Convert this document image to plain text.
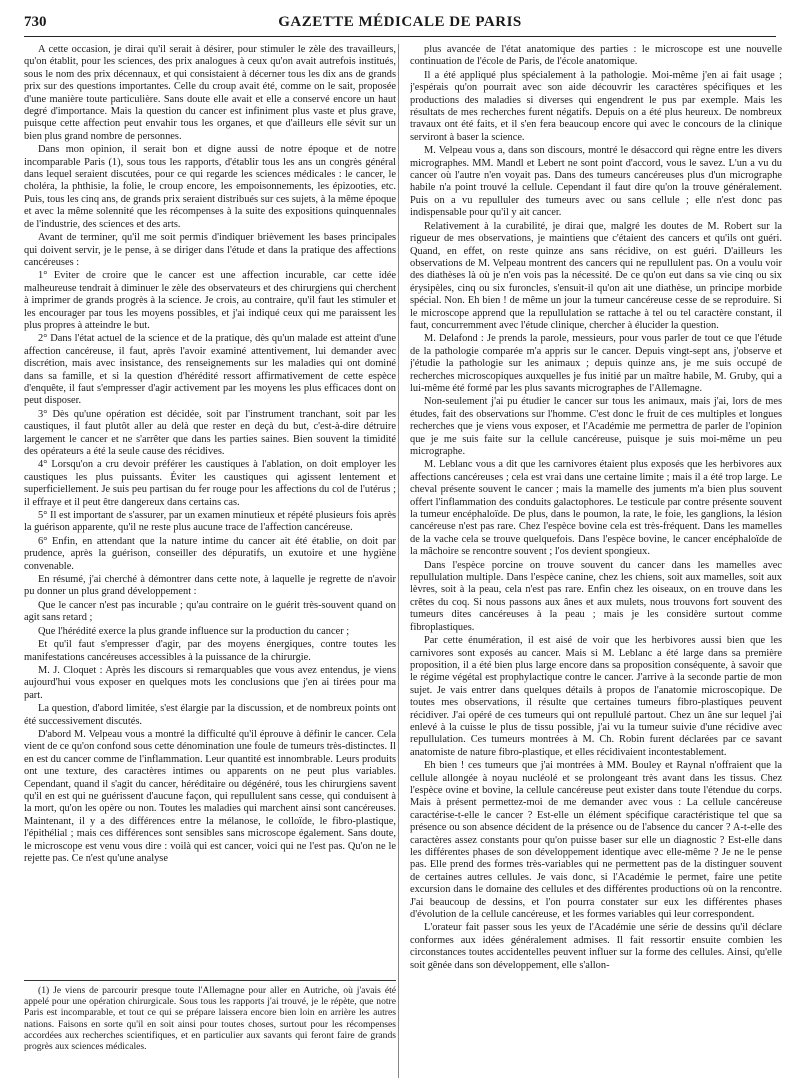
730	GAZETTE MÉDICALE DE PARIS

A cette occasion, je dirai qu'il serait à désirer, pour stimuler le zèle des travailleurs, qu'on établit, pour les sciences, des prix analogues à ceux qu'on avait autrefois institués, sous le nom des prix décennaux, et qui consistaient à décerner tous les dix ans de grands prix sur des questions importantes. Celle du croup avait été, comme on le sait, proposée d'une manière toute particulière. Sans doute elle avait et elle a conservé encore un haut degré d'importance. Mais la question du cancer est infiniment plus vaste et plus grave, puisque cette affection peut envahir tous les organes, et que d'ailleurs elle sévit sur un bien plus grand nombre de personnes.

Dans mon opinion, il serait bon et digne aussi de notre époque et de notre incomparable Paris (1), sous tous les rapports, d'établir tous les ans un congrès général dans lequel seraient discutées, pour ce qui regarde les sciences médicales : le cancer, le choléra, la phthisie, la folie, le croup encore, les empoisonnements, les épizooties, etc. Puis, tous les cinq ans, de grands prix seraient distribués sur ces sujets, à la même époque et avec la même solennité que les récompenses à la suite des expositions quinquennales de l'industrie, des sciences et des arts.

Avant de terminer, qu'il me soit permis d'indiquer brièvement les bases principales qui doivent servir, je le pense, à se diriger dans l'étude et dans la pratique des affections cancéreuses :

1° Eviter de croire que le cancer est une affection incurable, car cette idée malheureuse tendrait à diminuer le zèle des observateurs et des chirurgiens qui cherchent à imprimer de grands progrès à la science. Je crois, au contraire, qu'il faut les stimuler et les encourager par tous les moyens possibles, et j'ai indiqué ceux qui me paraissent les plus propres à atteindre le but.

2° Dans l'état actuel de la science et de la pratique, dès qu'un malade est atteint d'une affection cancéreuse, il faut, après l'avoir examiné attentivement, lui demander avec discrétion, mais avec insistance, des renseignements sur les maladies qui ont dominé dans sa famille, et si la question d'hérédité ressort affirmativement de cette espèce d'enquête, il faut s'empresser d'agir activement par les moyens les plus efficaces dont on peut disposer.

3° Dès qu'une opération est décidée, soit par l'instrument tranchant, soit par les caustiques, il faut plutôt aller au delà que rester en deçà du but, c'est-à-dire détruire largement le cancer et ne s'arrêter que dans les parties saines. Bien souvent la timidité des opérateurs a été la seule cause des récidives.

4° Lorsqu'on a cru devoir préférer les caustiques à l'ablation, on doit employer les caustiques les plus puissants. Éviter les caustiques qui agissent lentement et superficiellement. Je suis peu partisan du fer rouge pour les affections du col de l'utérus ; il effraye et il peut être dangereux dans certains cas.

5° Il est important de s'assurer, par un examen minutieux et répété plusieurs fois après la guérison apparente, qu'il ne reste plus aucune trace de l'affection cancéreuse.

6° Enfin, en attendant que la nature intime du cancer ait été établie, on doit par prudence, après la guérison, conseiller des dépuratifs, un exutoire et une hygiène convenable.

En résumé, j'ai cherché à démontrer dans cette note, à laquelle je regrette de n'avoir pu donner un plus grand développement :

Que le cancer n'est pas incurable ; qu'au contraire on le guérit très-souvent quand on agit sans retard ;

Que l'hérédité exerce la plus grande influence sur la production du cancer ;

Et qu'il faut s'empresser d'agir, par des moyens énergiques, contre toutes les manifestations cancéreuses accessibles à la puissance de la chirurgie.

M. J. Cloquet : Après les discours si remarquables que vous avez entendus, je viens aujourd'hui vous exposer en quelques mots les conclusions que j'en ai tirées pour ma part.

La question, d'abord limitée, s'est élargie par la discussion, et de nombreux points ont été successivement discutés.

D'abord M. Velpeau vous a montré la difficulté qu'il éprouve à définir le cancer. Cela vient de ce qu'on confond sous cette dénomination une foule de tumeurs très-distinctes. Il en est du cancer comme de l'inflammation. Leur quantité est innombrable. Leurs produits ont une texture, des caractères intimes ou apparents on ne peut plus variables. Cependant, quand il s'agit du cancer, héréditaire ou dégénéré, tous les chirurgiens savent qu'il en est qui ne guérissent d'aucune façon, qui repullulent sans cesse, qui conduisent à la mort, qu'on les opère ou non. Toutes les maladies qui marchent ainsi sont cancéreuses. Maintenant, il y a des différences entre la mélanose, le colloïde, le fibro-plastique, l'épithélial ; mais ces différences sont sensibles sans microscope également. Sans doute, le microscope est venu vous dire : voilà qui est cancer, voici qui ne l'est pas. Qu'on ne le rejette pas. Ce n'est qu'une analyse

plus avancée de l'état anatomique des parties : le microscope est une nouvelle continuation de l'école de Paris, de l'école anatomique.

Il a été appliqué plus spécialement à la pathologie. Moi-même j'en ai fait usage ; j'espérais qu'on pourrait avec son aide découvrir les caractères spécifiques et les productions des maladies si diverses qui engendrent le pus par exemple. Mais les résultats de mes recherches furent négatifs. Depuis on a été plus heureux. De nombreux travaux ont été faits, et il s'en fera beaucoup encore qui avec le concours de la clinique serviront à baser la science.

M. Velpeau vous a, dans son discours, montré le désaccord qui règne entre les divers micrographes. MM. Mandl et Lebert ne sont point d'accord, vous le savez. L'un a vu du cancer où l'autre n'en voyait pas. Dans des tumeurs cancéreuses plus d'un micrographe habile n'a point trouvé la cellule. Cependant il faut dire qu'on la trouve généralement. Puis on a vu repulluler des tumeurs avec ou sans cellule ; elle n'est donc pas indispensable pour qu'il y ait cancer.

Relativement à la curabilité, je dirai que, malgré les doutes de M. Robert sur la rigueur de mes observations, je maintiens que c'étaient des cancers et qu'ils ont guéri. Quand, en effet, on reste quinze ans sans récidive, on est guéri. D'ailleurs les observations de M. Velpeau montrent des cancers qui ne repullulent pas. On a voulu voir des diathèses là où je n'en vois pas la nécessité. De ce qu'on eut dans sa vie cinq ou six érysipèles, cinq ou six furoncles, s'ensuit-il qu'on ait une diathèse, un principe morbide spécial. Non. Eh bien ! de même un jour la tumeur cancéreuse cesse de se reproduire. Si le microscope apprend que la repullulation se rattache à tel ou tel caractère constant, il faut, concurremment avec l'étude clinique, chercher à élucider la question.

M. Delafond : Je prends la parole, messieurs, pour vous parler de tout ce que l'étude de la pathologie comparée m'a appris sur le cancer. Depuis vingt-sept ans, j'observe et j'étudie la pathologie sur les animaux ; depuis quinze ans, je me suis occupé de recherches microscopiques auxquelles je fus initié par un maître habile, M. Gruby, qui a lui-même été formé par les plus savants micrographes de l'Allemagne.

Non-seulement j'ai pu étudier le cancer sur tous les animaux, mais j'ai, lors de mes études, fait des observations sur l'homme. C'est donc le fruit de ces multiples et longues recherches que je viens vous exposer, et l'Académie me permettra de parler de l'opinion que je me suis faite sur la cellule cancéreuse, puisque je suis moi-même un peu micrographe.

M. Leblanc vous a dit que les carnivores étaient plus exposés que les herbivores aux affections cancéreuses ; cela est vrai dans une certaine limite ; mais il a été trop large. Le cheval présente souvent le cancer ; mais la mamelle des juments m'a bien plus souvent offert l'inflammation des conduits galactophores. Le testicule par contre présente souvent la tumeur encéphaloïde. De plus, dans le poumon, la rate, le foie, les ganglions, la lésion cancéreuse n'est pas rare. Chez l'espèce bovine cela est très-fréquent. Dans les mamelles de la vache cela se trouve quelquefois. Dans l'espèce bovine, le cancer encéphaloïde de la mâchoire se rencontre souvent ; l'os devient spongieux.

Dans l'espèce porcine on trouve souvent du cancer dans les mamelles avec repullulation multiple. Dans l'espèce canine, chez les chiens, soit aux mamelles, soit aux lèvres, soit à la peau, cela n'est pas rare. Enfin chez les oiseaux, on en trouve dans les crêtes du coq. Si nous passons aux ânes et aux mulets, nous trouvons fort souvent des tumeurs dites cancéreuses à la peau ; mais je les considère surtout comme fibroplastiques.

Par cette énumération, il est aisé de voir que les herbivores aussi bien que les carnivores sont exposés au cancer. Mais si M. Leblanc a été large dans sa première proposition, il a été bien plus large encore dans sa proposition conséquente, à savoir que le régime végétal est prophylactique contre le cancer. J'arrive à la seconde partie de mon sujet. Je vais entrer dans quelques détails à propos de l'anatomie microscopique. De toutes mes observations, il résulte que certaines tumeurs fibro-plastiques peuvent récidiver. J'ai opéré de ces tumeurs qui ont repullulé partout. Chez un âne sur lequel j'ai enlevé à la cuisse le plus de tissu possible, j'ai vu la tumeur suivie d'une récidive avec repullulation. Ces tumeurs montrées à M. Ch. Robin furent déclarées par ce savant anatomiste de nature fibro-plastique, et elles récidivaient incontestablement.

Eh bien ! ces tumeurs que j'ai montrées à MM. Bouley et Raynal n'offraient que la cellule allongée à noyau nucléolé et se prolongeant très avant dans les tissus. Chez l'espèce ovine et bovine, la cellule cancéreuse peut exister dans toute l'étendue du corps. Mais à présent permettez-moi de me demander avec vous : La cellule cancéreuse caractérise-t-elle le cancer ? Est-elle un élément spécifique caractéristique tel que sa présence ou son absence décident de la présence ou de l'absence du cancer ? A-t-elle des caractères assez constants pour qu'on puisse baser sur elle un diagnostic ? Est-elle dans les différentes phases de son développement identique avec elle-même ? Je ne le pense pas. Elle prend des formes très-variables qui ne permettent pas de la distinguer souvent de certaines autres cellules. Je vais donc, si l'Académie le permet, faire une petite excursion dans le domaine des cellules et des différentes productions où on la rencontre. J'ai beaucoup de dessins, et l'on pourra constater sur eux les différentes phases d'évolution de la cellule cancéreuse, et les formes variables qui leur correspondent.

L'orateur fait passer sous les yeux de l'Académie une série de dessins qu'il déclare conformes aux idées généralement admises. Il fait ressortir ensuite combien les circonstances toutes accidentelles peuvent influer sur la forme des cellules. Ainsi, qu'elle soit gênée dans son développement, elle s'allon-

(1) Je viens de parcourir presque toute l'Allemagne pour aller en Autriche, où j'avais été appelé pour une opération chirurgicale. Sous tous les rapports j'ai trouvé, je le répète, que notre Paris est incomparable, et tout ce qui se prépare laissera encore bien loin en arrière les autres nations. Faisons en sorte qu'il en soit ainsi pour toutes choses, surtout pour les récompenses accordées aux recherches scientifiques, et en particulier aux savants qui feront faire de grands progrès aux sciences médicales.
